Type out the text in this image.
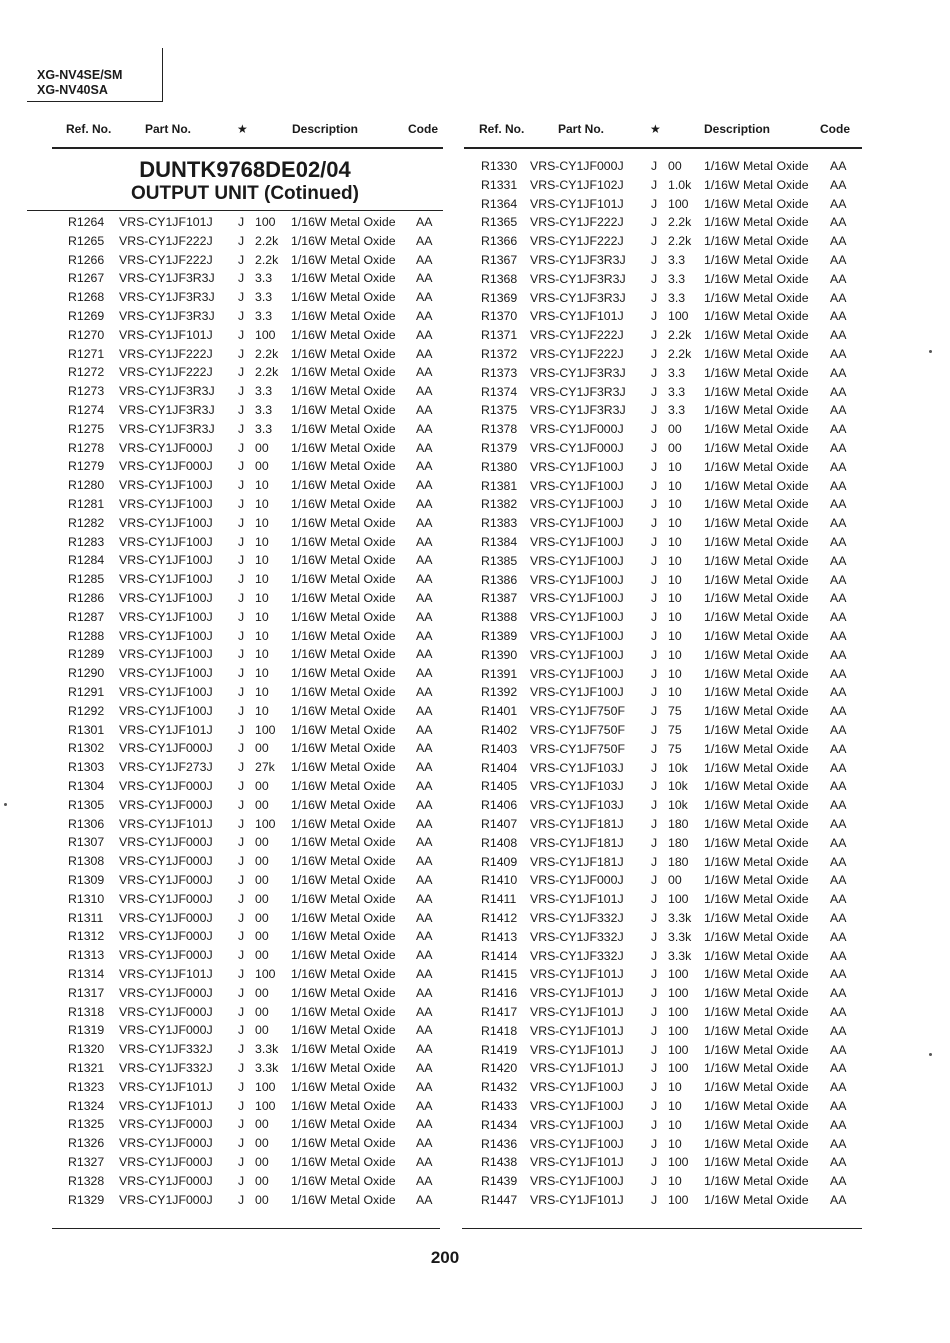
XG-NV4SE/SM
XG-NV40SA
Ref. No.	Part No.	★	Description	Code	Ref. No.	Part No.	★	Description	Code
DUNTK9768DE02/04
OUTPUT UNIT (Cotinued)
R1264 VRS-CY1JF101J J 100 1/16W Metal Oxide AA
R1265 VRS-CY1JF222J J 2.2k 1/16W Metal Oxide AA
R1266 VRS-CY1JF222J J 2.2k 1/16W Metal Oxide AA
R1267 VRS-CY1JF3R3J J 3.3 1/16W Metal Oxide AA
R1268 VRS-CY1JF3R3J J 3.3 1/16W Metal Oxide AA
R1269 VRS-CY1JF3R3J J 3.3 1/16W Metal Oxide AA
R1270 VRS-CY1JF101J J 100 1/16W Metal Oxide AA
R1271 VRS-CY1JF222J J 2.2k 1/16W Metal Oxide AA
R1272 VRS-CY1JF222J J 2.2k 1/16W Metal Oxide AA
R1273 VRS-CY1JF3R3J J 3.3 1/16W Metal Oxide AA
R1274 VRS-CY1JF3R3J J 3.3 1/16W Metal Oxide AA
R1275 VRS-CY1JF3R3J J 3.3 1/16W Metal Oxide AA
R1278 VRS-CY1JF000J J 00 1/16W Metal Oxide AA
R1279 VRS-CY1JF000J J 00 1/16W Metal Oxide AA
R1280 VRS-CY1JF100J J 10 1/16W Metal Oxide AA
R1281 VRS-CY1JF100J J 10 1/16W Metal Oxide AA
R1282 VRS-CY1JF100J J 10 1/16W Metal Oxide AA
R1283 VRS-CY1JF100J J 10 1/16W Metal Oxide AA
R1284 VRS-CY1JF100J J 10 1/16W Metal Oxide AA
R1285 VRS-CY1JF100J J 10 1/16W Metal Oxide AA
R1286 VRS-CY1JF100J J 10 1/16W Metal Oxide AA
R1287 VRS-CY1JF100J J 10 1/16W Metal Oxide AA
R1288 VRS-CY1JF100J J 10 1/16W Metal Oxide AA
R1289 VRS-CY1JF100J J 10 1/16W Metal Oxide AA
R1290 VRS-CY1JF100J J 10 1/16W Metal Oxide AA
R1291 VRS-CY1JF100J J 10 1/16W Metal Oxide AA
R1292 VRS-CY1JF100J J 10 1/16W Metal Oxide AA
R1301 VRS-CY1JF101J J 100 1/16W Metal Oxide AA
R1302 VRS-CY1JF000J J 00 1/16W Metal Oxide AA
R1303 VRS-CY1JF273J J 27k 1/16W Metal Oxide AA
R1304 VRS-CY1JF000J J 00 1/16W Metal Oxide AA
R1305 VRS-CY1JF000J J 00 1/16W Metal Oxide AA
R1306 VRS-CY1JF101J J 100 1/16W Metal Oxide AA
R1307 VRS-CY1JF000J J 00 1/16W Metal Oxide AA
R1308 VRS-CY1JF000J J 00 1/16W Metal Oxide AA
R1309 VRS-CY1JF000J J 00 1/16W Metal Oxide AA
R1310 VRS-CY1JF000J J 00 1/16W Metal Oxide AA
R1311 VRS-CY1JF000J J 00 1/16W Metal Oxide AA
R1312 VRS-CY1JF000J J 00 1/16W Metal Oxide AA
R1313 VRS-CY1JF000J J 00 1/16W Metal Oxide AA
R1314 VRS-CY1JF101J J 100 1/16W Metal Oxide AA
R1317 VRS-CY1JF000J J 00 1/16W Metal Oxide AA
R1318 VRS-CY1JF000J J 00 1/16W Metal Oxide AA
R1319 VRS-CY1JF000J J 00 1/16W Metal Oxide AA
R1320 VRS-CY1JF332J J 3.3k 1/16W Metal Oxide AA
R1321 VRS-CY1JF332J J 3.3k 1/16W Metal Oxide AA
R1323 VRS-CY1JF101J J 100 1/16W Metal Oxide AA
R1324 VRS-CY1JF101J J 100 1/16W Metal Oxide AA
R1325 VRS-CY1JF000J J 00 1/16W Metal Oxide AA
R1326 VRS-CY1JF000J J 00 1/16W Metal Oxide AA
R1327 VRS-CY1JF000J J 00 1/16W Metal Oxide AA
R1328 VRS-CY1JF000J J 00 1/16W Metal Oxide AA
R1329 VRS-CY1JF000J J 00 1/16W Metal Oxide AA
R1330 VRS-CY1JF000J J 00 1/16W Metal Oxide AA
R1331 VRS-CY1JF102J J 1.0k 1/16W Metal Oxide AA
R1364 VRS-CY1JF101J J 100 1/16W Metal Oxide AA
R1365 VRS-CY1JF222J J 2.2k 1/16W Metal Oxide AA
R1366 VRS-CY1JF222J J 2.2k 1/16W Metal Oxide AA
R1367 VRS-CY1JF3R3J J 3.3 1/16W Metal Oxide AA
R1368 VRS-CY1JF3R3J J 3.3 1/16W Metal Oxide AA
R1369 VRS-CY1JF3R3J J 3.3 1/16W Metal Oxide AA
R1370 VRS-CY1JF101J J 100 1/16W Metal Oxide AA
R1371 VRS-CY1JF222J J 2.2k 1/16W Metal Oxide AA
R1372 VRS-CY1JF222J J 2.2k 1/16W Metal Oxide AA
R1373 VRS-CY1JF3R3J J 3.3 1/16W Metal Oxide AA
R1374 VRS-CY1JF3R3J J 3.3 1/16W Metal Oxide AA
R1375 VRS-CY1JF3R3J J 3.3 1/16W Metal Oxide AA
R1378 VRS-CY1JF000J J 00 1/16W Metal Oxide AA
R1379 VRS-CY1JF000J J 00 1/16W Metal Oxide AA
R1380 VRS-CY1JF100J J 10 1/16W Metal Oxide AA
R1381 VRS-CY1JF100J J 10 1/16W Metal Oxide AA
R1382 VRS-CY1JF100J J 10 1/16W Metal Oxide AA
R1383 VRS-CY1JF100J J 10 1/16W Metal Oxide AA
R1384 VRS-CY1JF100J J 10 1/16W Metal Oxide AA
R1385 VRS-CY1JF100J J 10 1/16W Metal Oxide AA
R1386 VRS-CY1JF100J J 10 1/16W Metal Oxide AA
R1387 VRS-CY1JF100J J 10 1/16W Metal Oxide AA
R1388 VRS-CY1JF100J J 10 1/16W Metal Oxide AA
R1389 VRS-CY1JF100J J 10 1/16W Metal Oxide AA
R1390 VRS-CY1JF100J J 10 1/16W Metal Oxide AA
R1391 VRS-CY1JF100J J 10 1/16W Metal Oxide AA
R1392 VRS-CY1JF100J J 10 1/16W Metal Oxide AA
R1401 VRS-CY1JF750F J 75 1/16W Metal Oxide AA
R1402 VRS-CY1JF750F J 75 1/16W Metal Oxide AA
R1403 VRS-CY1JF750F J 75 1/16W Metal Oxide AA
R1404 VRS-CY1JF103J J 10k 1/16W Metal Oxide AA
R1405 VRS-CY1JF103J J 10k 1/16W Metal Oxide AA
R1406 VRS-CY1JF103J J 10k 1/16W Metal Oxide AA
R1407 VRS-CY1JF181J J 180 1/16W Metal Oxide AA
R1408 VRS-CY1JF181J J 180 1/16W Metal Oxide AA
R1409 VRS-CY1JF181J J 180 1/16W Metal Oxide AA
R1410 VRS-CY1JF000J J 00 1/16W Metal Oxide AA
R1411 VRS-CY1JF101J J 100 1/16W Metal Oxide AA
R1412 VRS-CY1JF332J J 3.3k 1/16W Metal Oxide AA
R1413 VRS-CY1JF332J J 3.3k 1/16W Metal Oxide AA
R1414 VRS-CY1JF332J J 3.3k 1/16W Metal Oxide AA
R1415 VRS-CY1JF101J J 100 1/16W Metal Oxide AA
R1416 VRS-CY1JF101J J 100 1/16W Metal Oxide AA
R1417 VRS-CY1JF101J J 100 1/16W Metal Oxide AA
R1418 VRS-CY1JF101J J 100 1/16W Metal Oxide AA
R1419 VRS-CY1JF101J J 100 1/16W Metal Oxide AA
R1420 VRS-CY1JF101J J 100 1/16W Metal Oxide AA
R1432 VRS-CY1JF100J J 10 1/16W Metal Oxide AA
R1433 VRS-CY1JF100J J 10 1/16W Metal Oxide AA
R1434 VRS-CY1JF100J J 10 1/16W Metal Oxide AA
R1436 VRS-CY1JF100J J 10 1/16W Metal Oxide AA
R1438 VRS-CY1JF101J J 100 1/16W Metal Oxide AA
R1439 VRS-CY1JF100J J 10 1/16W Metal Oxide AA
R1447 VRS-CY1JF101J J 100 1/16W Metal Oxide AA
200
